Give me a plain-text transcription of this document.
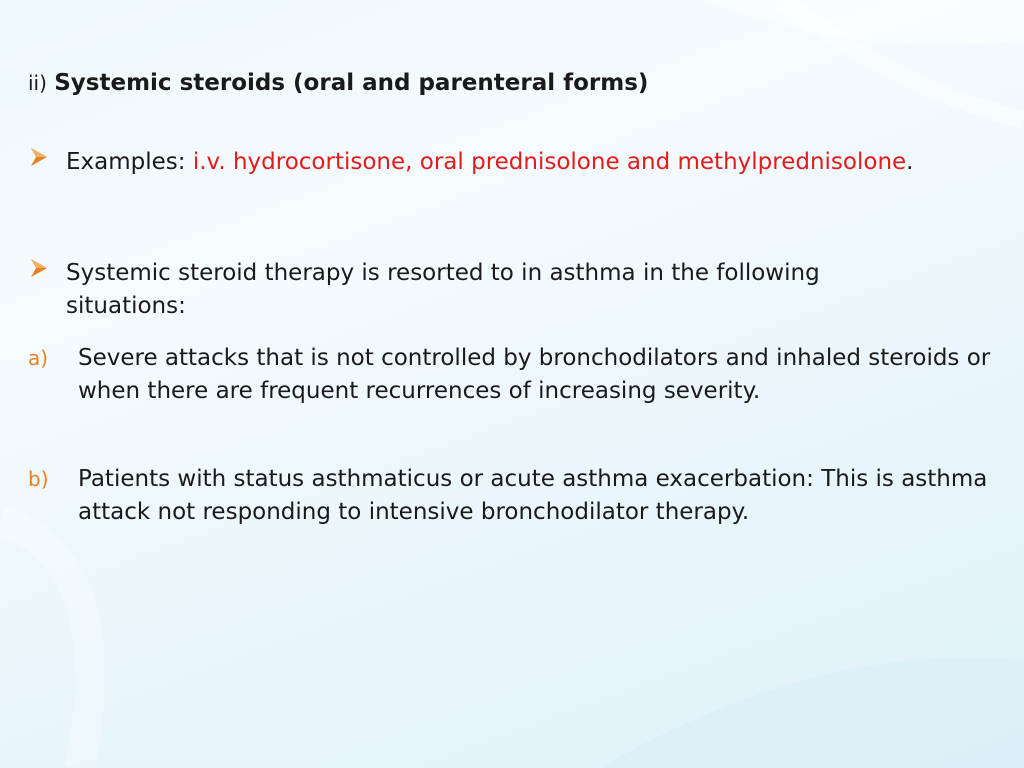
ii) Systemic steroids (oral and parenteral forms)
Examples: i.v. hydrocortisone, oral prednisolone and methylprednisolone.
Systemic steroid therapy is resorted to in asthma in the following situations:
a) Severe attacks that is not controlled by bronchodilators and inhaled steroids or when there are frequent recurrences of increasing severity.
b) Patients with status asthmaticus or acute asthma exacerbation: This is asthma attack not responding to intensive bronchodilator therapy.
